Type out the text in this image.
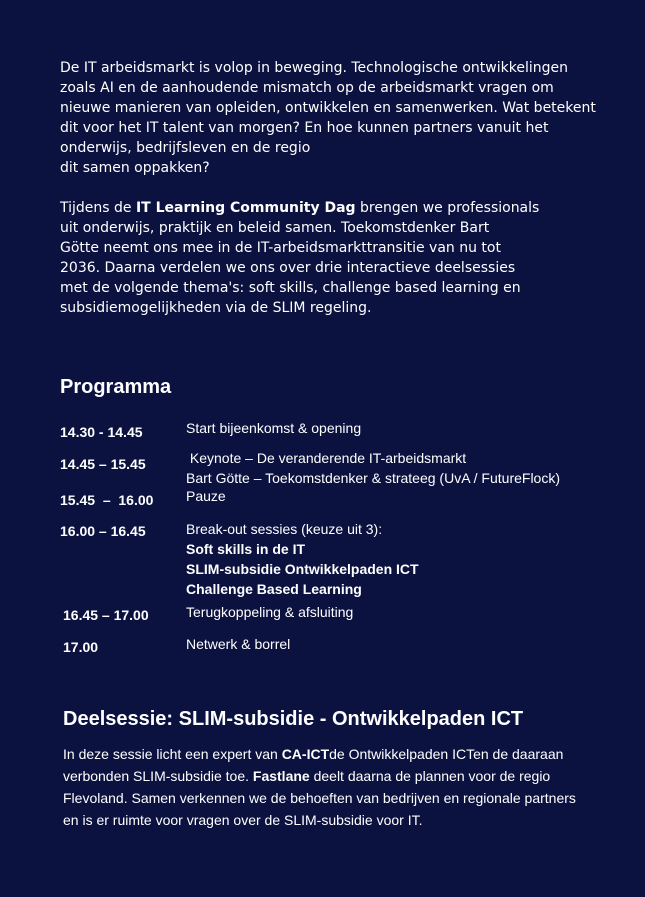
De IT arbeidsmarkt is volop in beweging. Technologische ontwikkelingen
zoals AI en de aanhoudende mismatch op de arbeidsmarkt vragen om
nieuwe manieren van opleiden, ontwikkelen en samenwerken. Wat betekent
dit voor het IT talent van morgen? En hoe kunnen partners vanuit het
onderwijs, bedrijfsleven en de regio
dit samen oppakken?

Tijdens de IT Learning Community Dag brengen we professionals
uit onderwijs, praktijk en beleid samen. Toekomstdenker Bart
Götte neemt ons mee in de IT-arbeidsmarkttransitie van nu tot
2036. Daarna verdelen we ons over drie interactieve deelsessies
met de volgende thema's: soft skills, challenge based learning en
subsidiemogelijkheden via de SLIM regeling.

Programma
14.30 - 14.45	Start bijeenkomst & opening
14.45 – 15.45	Keynote – De veranderende IT-arbeidsmarkt
Bart Götte – Toekomstdenker & strateeg (UvA / FutureFlock)
15.45  –  16.00 Pauze
16.00 – 16.45	Break-out sessies (keuze uit 3):
Soft skills in de IT
SLIM-subsidie Ontwikkelpaden ICT
Challenge Based Learning
16.45 – 17.00	Terugkoppeling & afsluiting
17.00	Netwerk & borrel
Deelsessie: SLIM-subsidie - Ontwikkelpaden ICT

In deze sessie licht een expert van CA-ICTde Ontwikkelpaden ICTen de daaraan
verbonden SLIM-subsidie toe. Fastlane deelt daarna de plannen voor de regio
Flevoland. Samen verkennen we de behoeften van bedrijven en regionale partners
en is er ruimte voor vragen over de SLIM-subsidie voor IT.
